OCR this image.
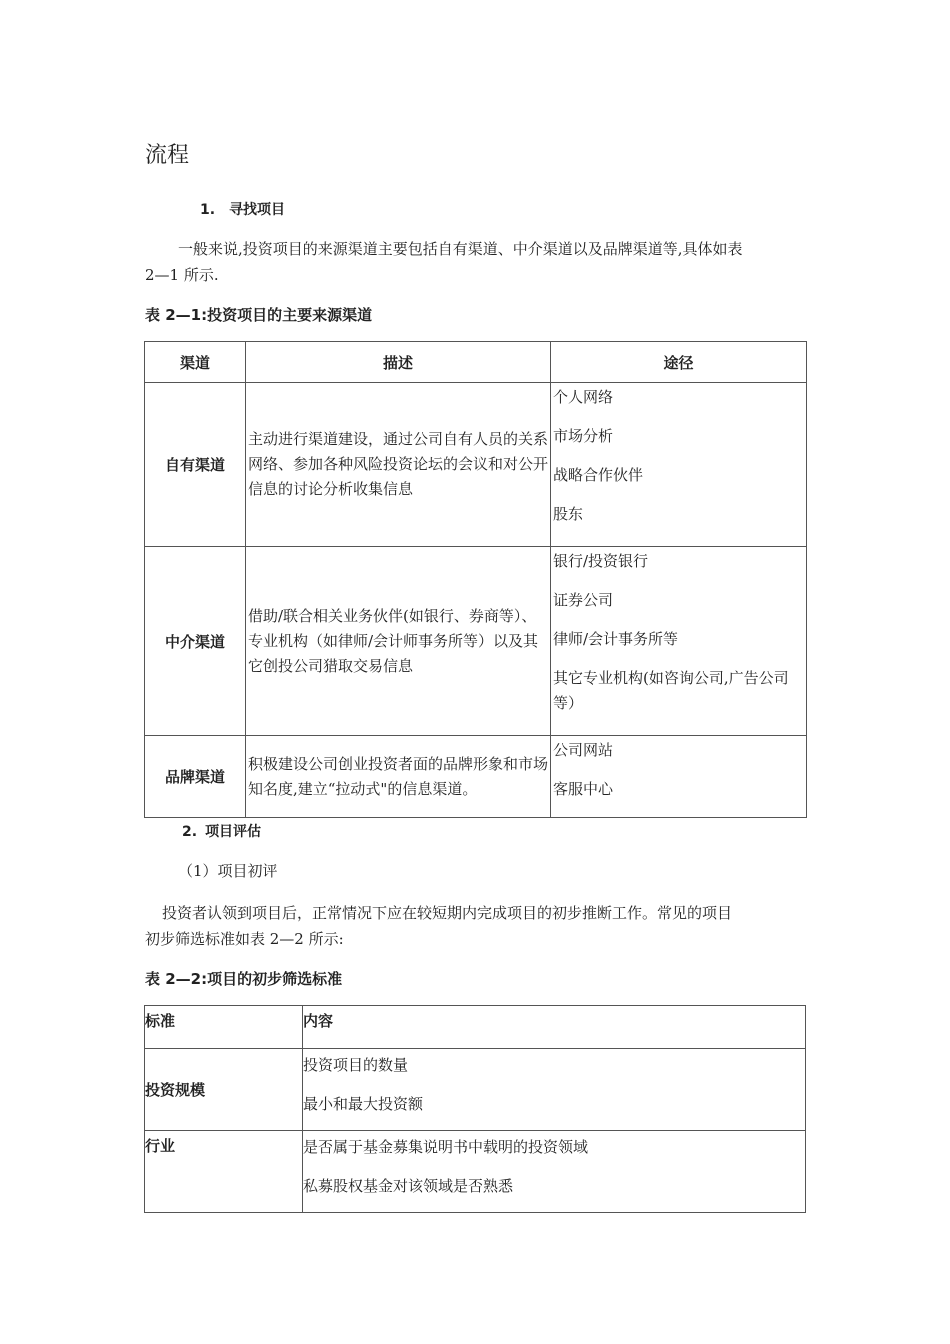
流程
1. 寻找项目
一般来说,投资项目的来源渠道主要包括自有渠道、中介渠道以及品牌渠道等,具体如表
2—1 所示.
表 2—1:投资项目的主要来源渠道
渠道	描述	途径
自有渠道	主动进行渠道建设，通过公司自有人员的关系网络、参加各种风险投资论坛的会议和对公开信息的讨论分析收集信息	个人网络
市场分析
战略合作伙伴
股东

中介渠道	借助/联合相关业务伙伴(如银行、券商等）、专业机构（如律师/会计师事务所等）以及其它创投公司猎取交易信息	银行/投资银行
证券公司
律师/会计事务所等
其它专业机构(如咨询公司,广告公司等）

品牌渠道	积极建设公司创业投资者面的品牌形象和市场知名度,建立“拉动式"的信息渠道。	公司网站
客服中心
2. 项目评估
（1）项目初评
投资者认领到项目后，正常情况下应在较短期内完成项目的初步推断工作。常见的项目
初步筛选标准如表 2—2 所示:
表 2—2:项目的初步筛选标准
标准	内容
投资规模	投资项目的数量
最小和最大投资额

行业	是否属于基金募集说明书中载明的投资领域
私募股权基金对该领域是否熟悉
